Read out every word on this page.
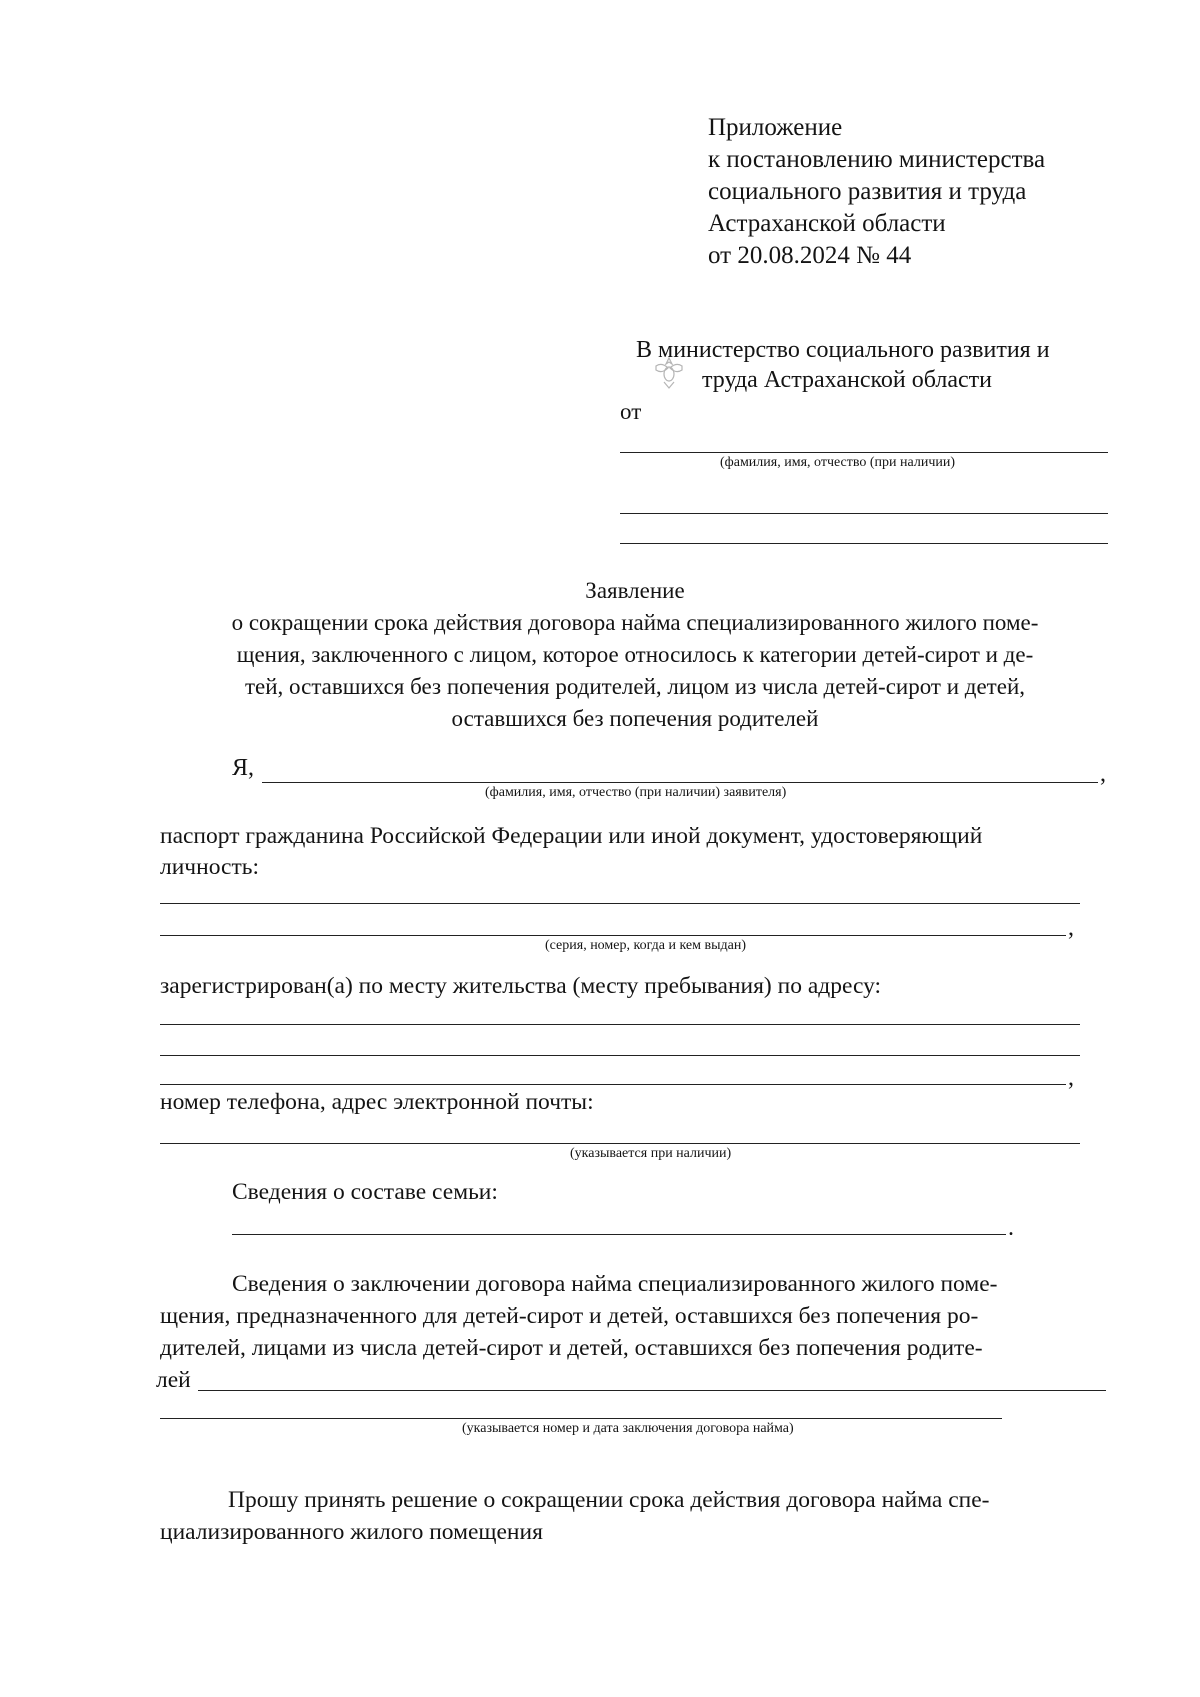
Приложение
к постановлению министерства
социального развития и труда
Астраханской области
от 20.08.2024 № 44
В министерство социального развития и
труда Астраханской области
от
(фамилия, имя, отчество (при наличии)
Заявление
о сокращении срока действия договора найма специализированного жилого поме-
щения, заключенного с лицом, которое относилось к категории детей-сирот и де-
тей, оставшихся без попечения родителей, лицом из числа детей-сирот и детей,
оставшихся без попечения родителей
Я,	,
(фамилия, имя, отчество (при наличии) заявителя)
паспорт гражданина Российской Федерации или иной документ, удостоверяющий
личность:
,
(серия, номер, когда и кем выдан)
зарегистрирован(а) по месту жительства (месту пребывания) по адресу:
,
номер телефона, адрес электронной почты:
(указывается при наличии)
Сведения о составе семьи:
.
Сведения о заключении договора найма специализированного жилого поме-
щения, предназначенного для детей-сирот и детей, оставшихся без попечения ро-
дителей, лицами из числа детей-сирот и детей, оставшихся без попечения родите-
лей
(указывается номер и дата заключения договора найма)
Прошу принять решение о сокращении срока действия договора найма спе-
циализированного жилого помещения
